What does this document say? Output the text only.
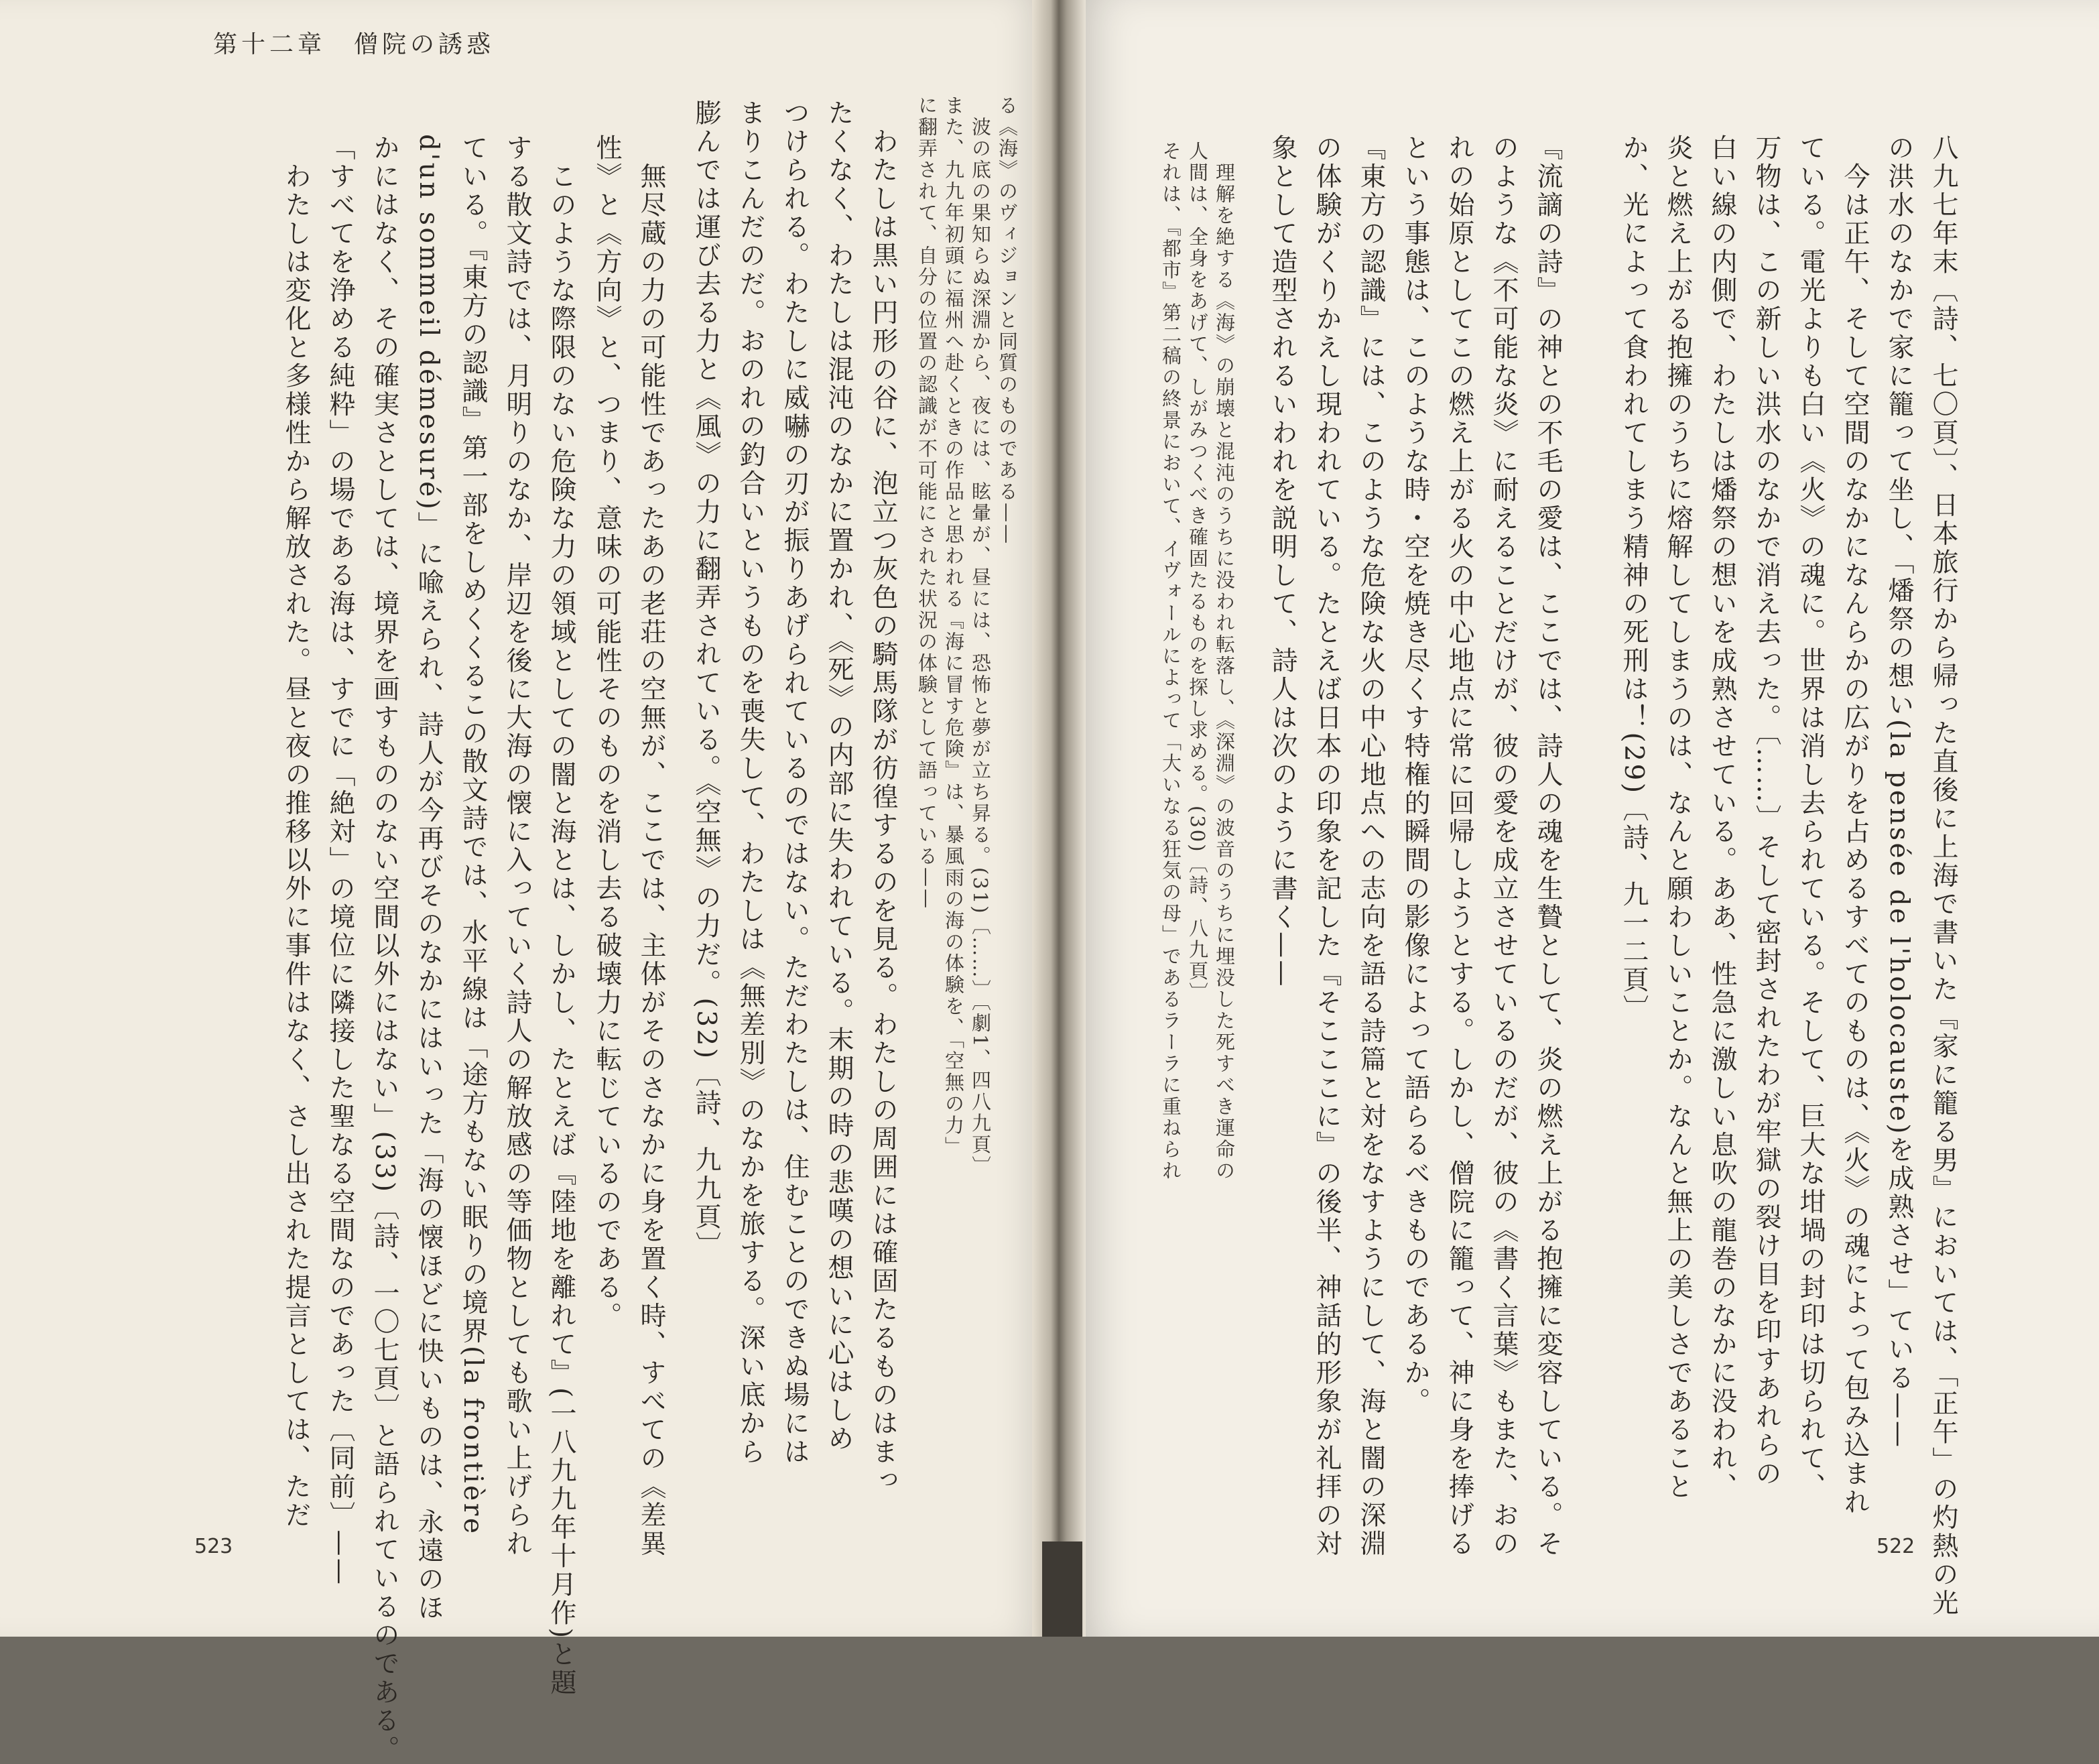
第十二章　僧院の誘惑
523	522
る《海》のヴィジョンと同質のものである——
　波の底の果知らぬ深淵から、夜には、眩暈が、昼には、恐怖と夢が立ち昇る。(31)〔……〕〔劇1、四八九頁〕
また、九九年初頭に福州へ赴くときの作品と思われる『海に冒す危険』は、暴風雨の海の体験を、「空無の力」
に翻弄されて、自分の位置の認識が不可能にされた状況の体験として語っている——
　わたしは黒い円形の谷に、泡立つ灰色の騎馬隊が彷徨するのを見る。わたしの周囲には確固たるものはまっ
たくなく、わたしは混沌のなかに置かれ、《死》の内部に失われている。末期の時の悲嘆の想いに心はしめ
つけられる。わたしに威嚇の刃が振りあげられているのではない。ただわたしは、住むことのできぬ場には
まりこんだのだ。おのれの釣合いというものを喪失して、わたしは《無差別》のなかを旅する。深い底から
膨んでは運び去る力と《風》の力に翻弄されている。《空無》の力だ。(32)〔詩、九九頁〕
　無尽蔵の力の可能性であったあの老荘の空無が、ここでは、主体がそのさなかに身を置く時、すべての《差異
性》と《方向》と、つまり、意味の可能性そのものを消し去る破壊力に転じているのである。
　このような際限のない危険な力の領域としての闇と海とは、しかし、たとえば『陸地を離れて』(一八九九年十月作)と題
する散文詩では、月明りのなか、岸辺を後に大海の懐に入っていく詩人の解放感の等価物としても歌い上げられ
ている。『東方の認識』第一部をしめくくるこの散文詩では、水平線は「途方もない眠りの境界(la frontière
d'un sommeil démesuré)」に喩えられ、詩人が今再びそのなかにはいった「海の懐ほどに快いものは、永遠のほ
かにはなく、その確実さとしては、境界を画すもののない空間以外にはない」(33)〔詩、一〇七頁〕と語られているのである。
「すべてを浄める純粋」の場である海は、すでに「絶対」の境位に隣接した聖なる空間なのであった〔同前〕——
　わたしは変化と多様性から解放された。昼と夜の推移以外に事件はなく、さし出された提言としては、ただ	八九七年末〔詩、七〇頁〕、日本旅行から帰った直後に上海で書いた『家に籠る男』においては、「正午」の灼熱の光
の洪水のなかで家に籠って坐し、「燔祭の想い(la pensée de l'holocauste)を成熟させ」ている——
　今は正午、そして空間のなかになんらかの広がりを占めるすべてのものは、《火》の魂によって包み込まれ
ている。電光よりも白い《火》の魂に。世界は消し去られている。そして、巨大な坩堝の封印は切られて、
万物は、この新しい洪水のなかで消え去った。〔……〕そして密封されたわが牢獄の裂け目を印すあれらの
白い線の内側で、わたしは燔祭の想いを成熟させている。ああ、性急に激しい息吹の龍巻のなかに没われ、
炎と燃え上がる抱擁のうちに熔解してしまうのは、なんと願わしいことか。なんと無上の美しさであること
か、光によって食われてしまう精神の死刑は！(29)〔詩、九一二頁〕
『流謫の詩』の神との不毛の愛は、ここでは、詩人の魂を生贄として、炎の燃え上がる抱擁に変容している。そ
のような《不可能な炎》に耐えることだけが、彼の愛を成立させているのだが、彼の《書く言葉》もまた、おの
れの始原としてこの燃え上がる火の中心地点に常に回帰しようとする。しかし、僧院に籠って、神に身を捧げる
という事態は、このような時・空を焼き尽くす特権的瞬間の影像によって語らるべきものであるか。
『東方の認識』には、このような危険な火の中心地点への志向を語る詩篇と対をなすようにして、海と闇の深淵
の体験がくりかえし現われている。たとえば日本の印象を記した『そこここに』の後半、神話的形象が礼拝の対
象として造型されるいわれを説明して、詩人は次のように書く——
　理解を絶する《海》の崩壊と混沌のうちに没われ転落し、《深淵》の波音のうちに埋没した死すべき運命の
人間は、全身をあげて、しがみつくべき確固たるものを探し求める。(30)〔詩、八九頁〕
それは、『都市』第二稿の終景において、イヴォールによって「大いなる狂気の母」であるラーラに重ねられ
